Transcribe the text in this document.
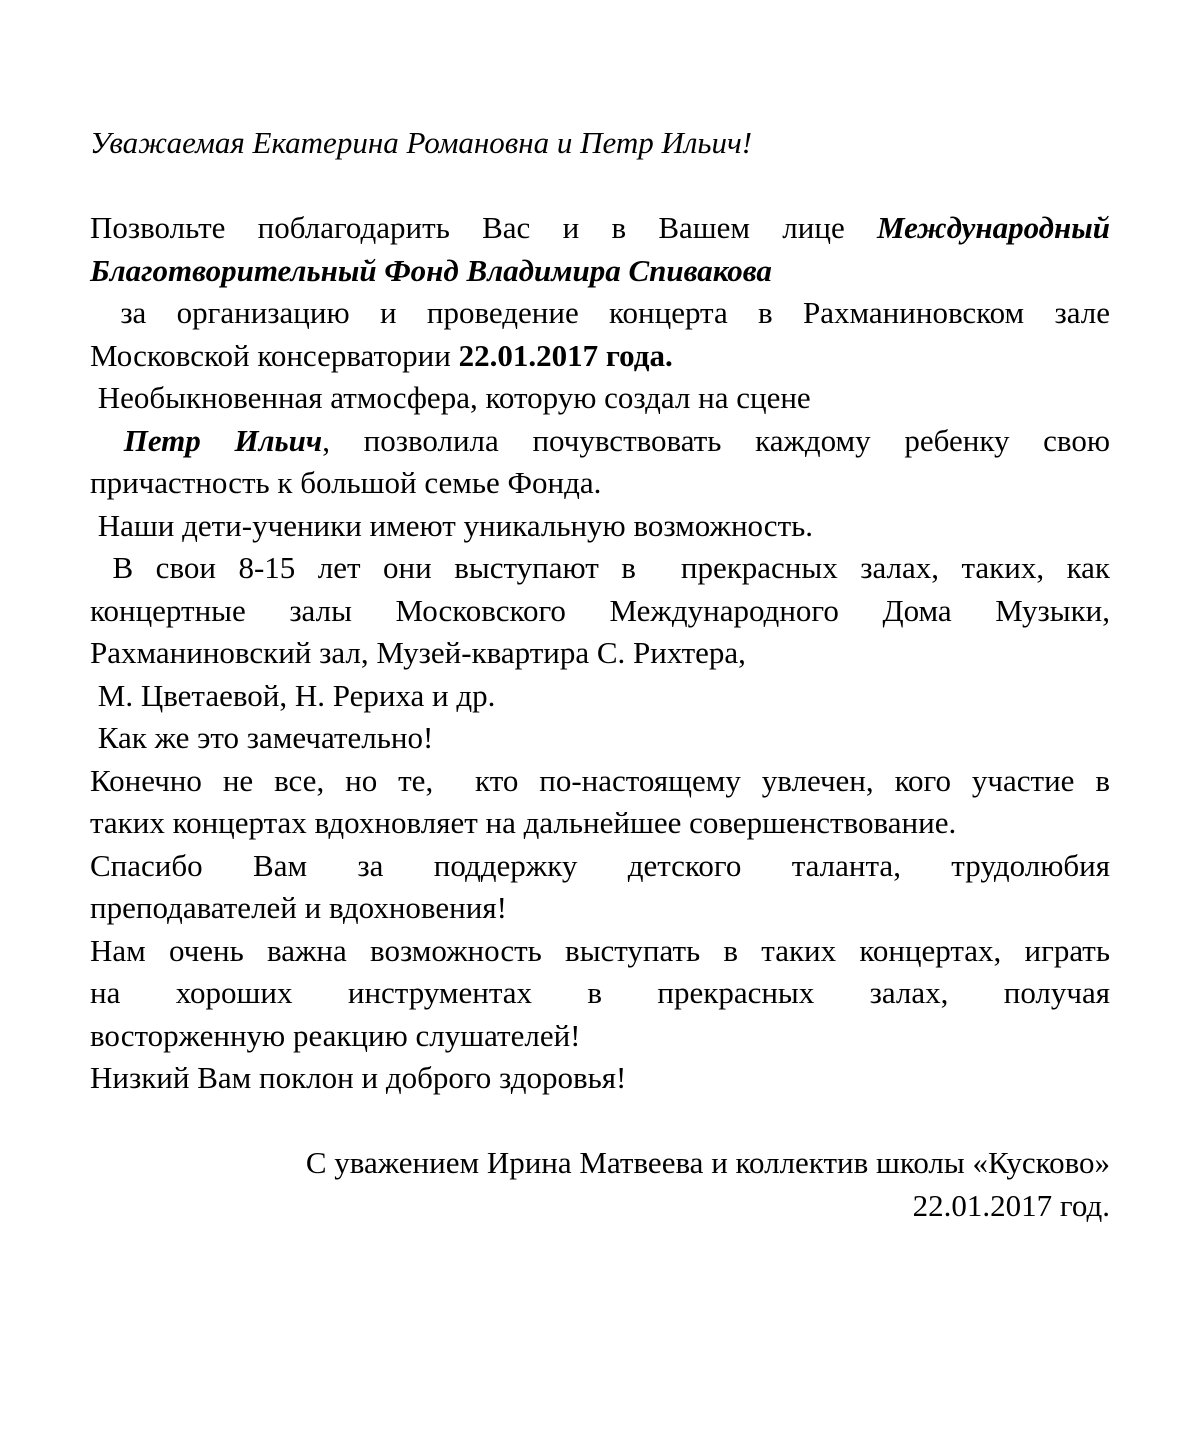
Уважаемая Екатерина Романовна и Петр Ильич!
Позвольте поблагодарить Вас и в Вашем лице Международный
Благотворительный Фонд Владимира Спивакова
за организацию и проведение концерта в Рахманиновском зале
Московской консерватории 22.01.2017 года.
Необыкновенная атмосфера, которую создал на сцене
Петр Ильич, позволила почувствовать каждому ребенку свою
причастность к большой семье Фонда.
Наши дети-ученики имеют уникальную возможность.
В свои 8-15 лет они выступают в  прекрасных залах, таких, как
концертные залы Московского Международного Дома Музыки,
Рахманиновский зал, Музей-квартира С. Рихтера,
М. Цветаевой, Н. Рериха и др.
Как же это замечательно!
Конечно не все, но те,  кто по-настоящему увлечен, кого участие в
таких концертах вдохновляет на дальнейшее совершенствование.
Спасибо Вам за поддержку детского таланта, трудолюбия
преподавателей и вдохновения!
Нам очень важна возможность выступать в таких концертах, играть
на хороших инструментах в прекрасных залах, получая
восторженную реакцию слушателей!
Низкий Вам поклон и доброго здоровья!
С уважением Ирина Матвеева и коллектив школы «Кусково»
22.01.2017 год.
